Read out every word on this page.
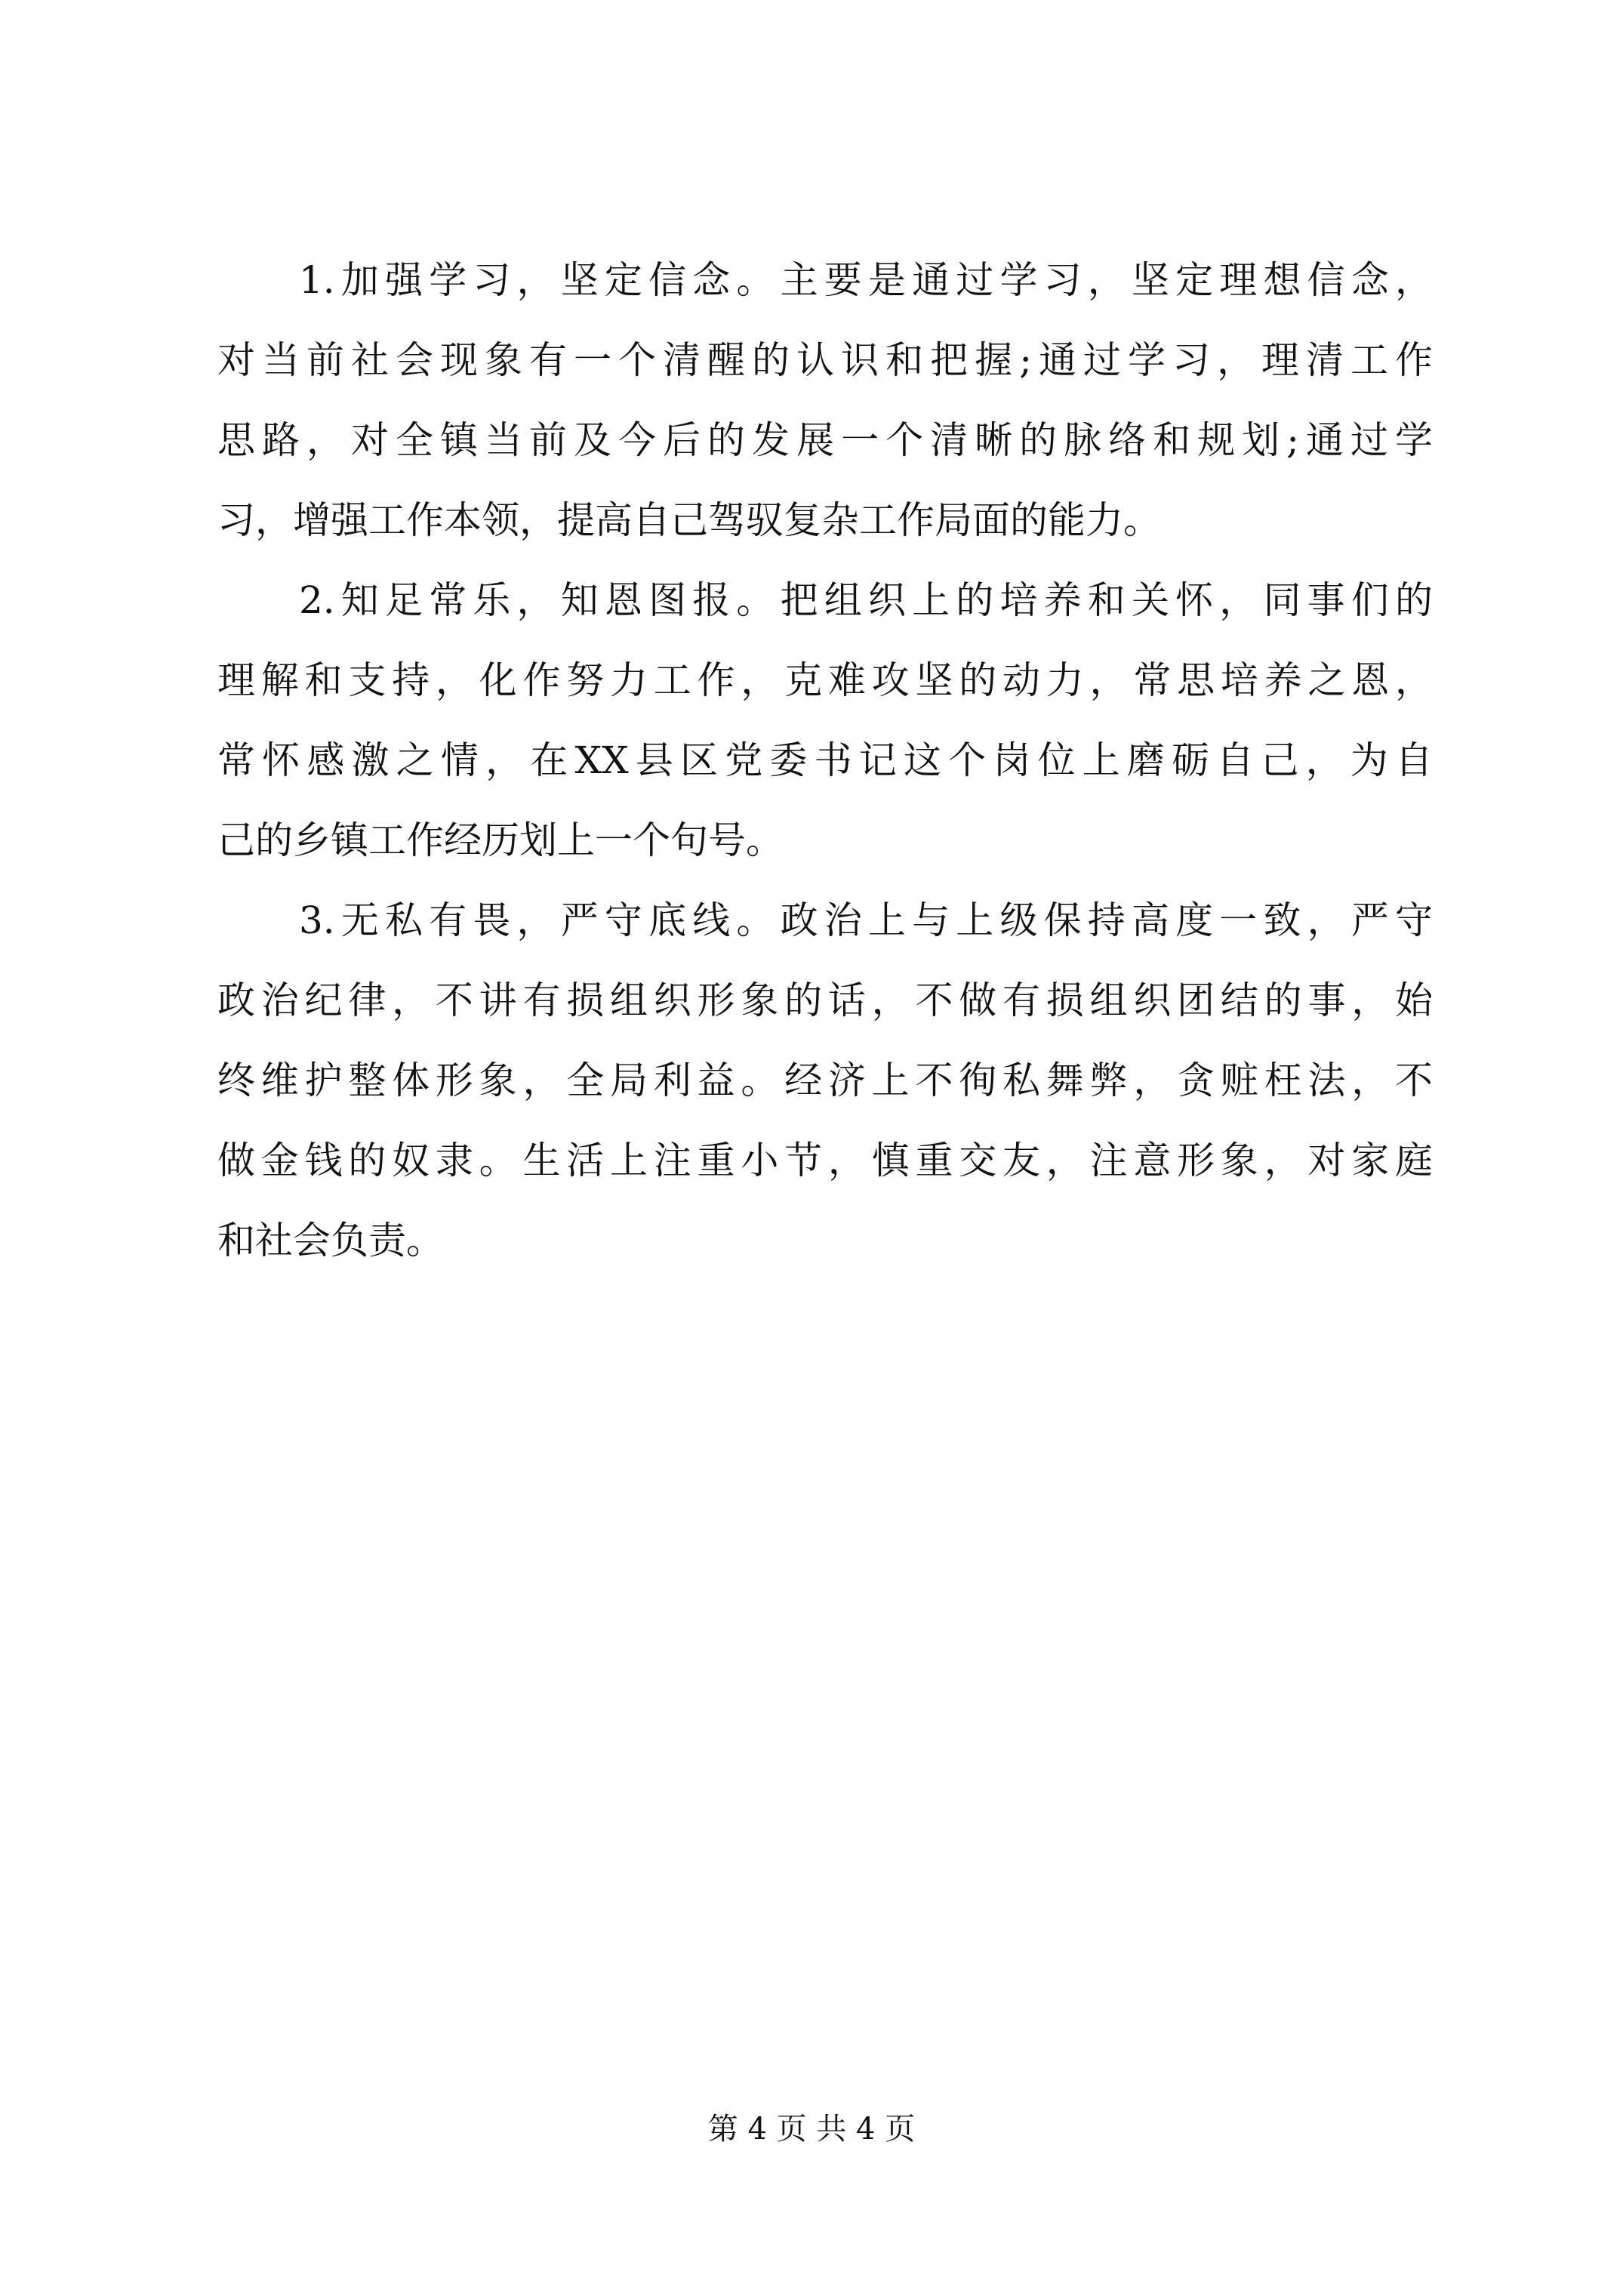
1.加强学习，坚定信念。主要是通过学习，坚定理想信念，
对当前社会现象有一个清醒的认识和把握;通过学习，理清工作
思路，对全镇当前及今后的发展一个清晰的脉络和规划;通过学
习，增强工作本领，提高自己驾驭复杂工作局面的能力。
2.知足常乐，知恩图报。把组织上的培养和关怀，同事们的
理解和支持，化作努力工作，克难攻坚的动力，常思培养之恩，
常怀感激之情，在XX县区党委书记这个岗位上磨砺自己，为自
己的乡镇工作经历划上一个句号。
3.无私有畏，严守底线。政治上与上级保持高度一致，严守
政治纪律，不讲有损组织形象的话，不做有损组织团结的事，始
终维护整体形象，全局利益。经济上不徇私舞弊，贪赃枉法，不
做金钱的奴隶。生活上注重小节，慎重交友，注意形象，对家庭
和社会负责。
第 4 页 共 4 页
